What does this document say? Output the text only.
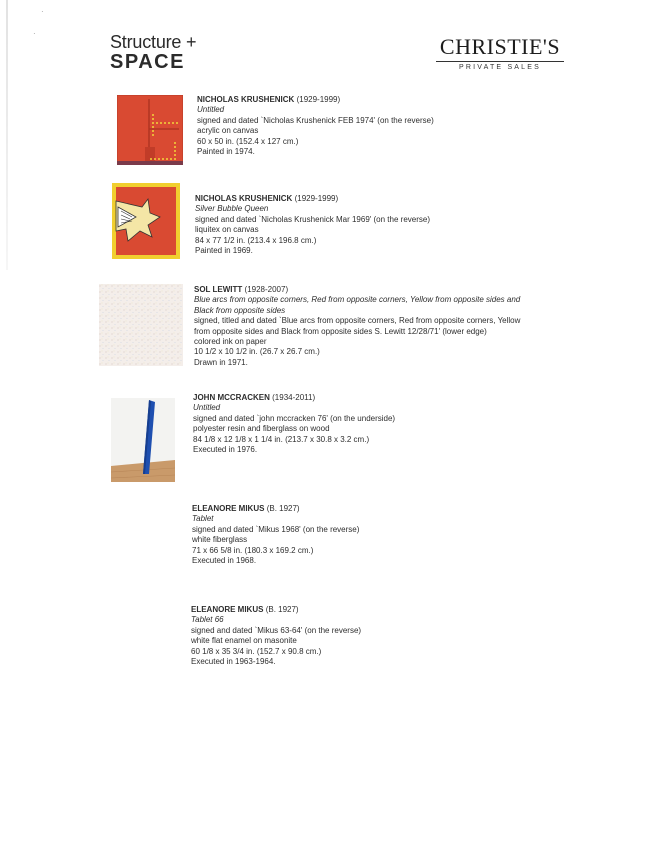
·
·	Structure +
SPACE
CHRISTIE'S
PRIVATE SALES
NICHOLAS KRUSHENICK (1929-1999)
Untitled
signed and dated `Nicholas Krushenick FEB 1974' (on the reverse)
acrylic on canvas
60 x 50 in. (152.4 x 127 cm.)
Painted in 1974.
NICHOLAS KRUSHENICK (1929-1999)
Silver Bubble Queen
signed and dated `Nicholas Krushenick Mar 1969' (on the reverse)
liquitex on canvas
84 x 77 1/2 in. (213.4 x 196.8 cm.)
Painted in 1969.
SOL LEWITT (1928-2007)
Blue arcs from opposite corners, Red from opposite corners, Yellow from opposite sides and
Black from opposite sides
signed, titled and dated `Blue arcs from opposite corners, Red from opposite corners, Yellow
from opposite sides and Black from opposite sides S. Lewitt 12/28/71' (lower edge)
colored ink on paper
10 1/2 x 10 1/2 in. (26.7 x 26.7 cm.)
Drawn in 1971.
JOHN MCCRACKEN (1934-2011)
Untitled
signed and dated `john mccracken 76' (on the underside)
polyester resin and fiberglass on wood
84 1/8 x 12 1/8 x 1 1/4 in. (213.7 x 30.8 x 3.2 cm.)
Executed in 1976.
ELEANORE MIKUS (B. 1927)
Tablet
signed and dated `Mikus 1968' (on the reverse)
white fiberglass
71 x 66 5/8 in. (180.3 x 169.2 cm.)
Executed in 1968.
ELEANORE MIKUS (B. 1927)
Tablet 66
signed and dated `Mikus 63-64' (on the reverse)
white flat enamel on masonite
60 1/8 x 35 3/4 in. (152.7 x 90.8 cm.)
Executed in 1963-1964.
